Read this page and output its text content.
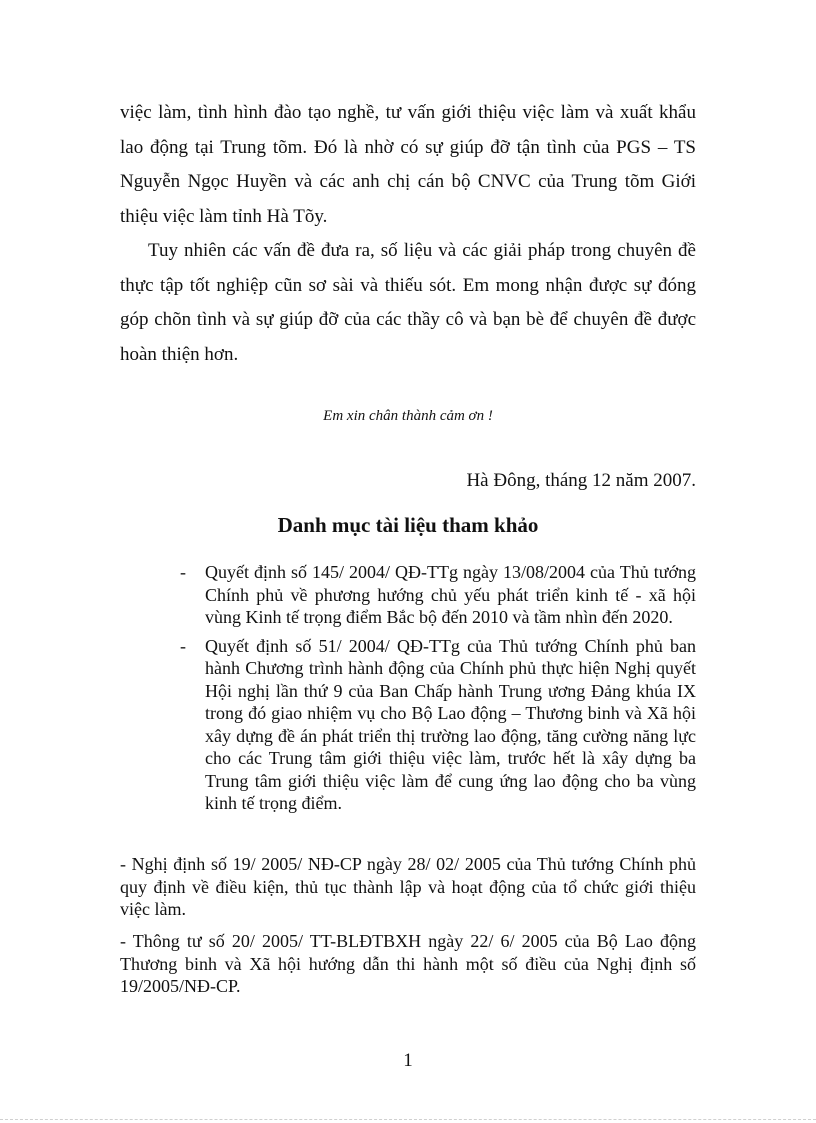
việc làm, tình hình đào tạo nghề, tư vấn giới thiệu việc làm và xuất khẩu lao động tại Trung tõm. Đó là nhờ có sự giúp đỡ tận tình của PGS – TS Nguyễn Ngọc Huyền và các anh chị cán bộ CNVC của Trung tõm Giới thiệu việc làm tỉnh Hà Tõy.

Tuy nhiên các vấn đề đưa ra, số liệu và các giải pháp trong chuyên đề thực tập tốt nghiệp cũn sơ sài và thiếu sót. Em mong nhận được sự đóng góp chõn tình và sự giúp đỡ của các thầy cô và bạn bè để chuyên đề được hoàn thiện hơn.

Em xin chân thành cảm ơn !

Hà Đông, tháng 12 năm 2007.

Danh mục tài liệu tham khảo
- Quyết định số 145/ 2004/ QĐ-TTg ngày 13/08/2004 của Thủ tướng Chính phủ về phương hướng chủ yếu phát triển kinh tế - xã hội vùng Kinh tế trọng điểm Bắc bộ đến 2010 và tầm nhìn đến 2020.
- Quyết định số 51/ 2004/ QĐ-TTg của Thủ tướng Chính phủ ban hành Chương trình hành động của Chính phủ thực hiện Nghị quyết Hội nghị lần thứ 9 của Ban Chấp hành Trung ương Đảng khúa IX trong đó giao nhiệm vụ cho Bộ Lao động – Thương binh và Xã hội xây dựng đề án phát triển thị trường lao động, tăng cường năng lực cho các Trung tâm giới thiệu việc làm, trước hết là xây dựng ba Trung tâm giới thiệu việc làm để cung ứng lao động cho ba vùng kinh tế trọng điểm.

- Nghị định số 19/ 2005/ NĐ-CP ngày 28/ 02/ 2005 của Thủ tướng Chính phủ quy định về điều kiện, thủ tục thành lập và hoạt động của tổ chức giới thiệu việc làm.

- Thông tư số 20/ 2005/ TT-BLĐTBXH ngày 22/ 6/ 2005 của Bộ Lao động Thương binh và Xã hội hướng dẫn thi hành một số điều của Nghị định số 19/2005/NĐ-CP.

1
